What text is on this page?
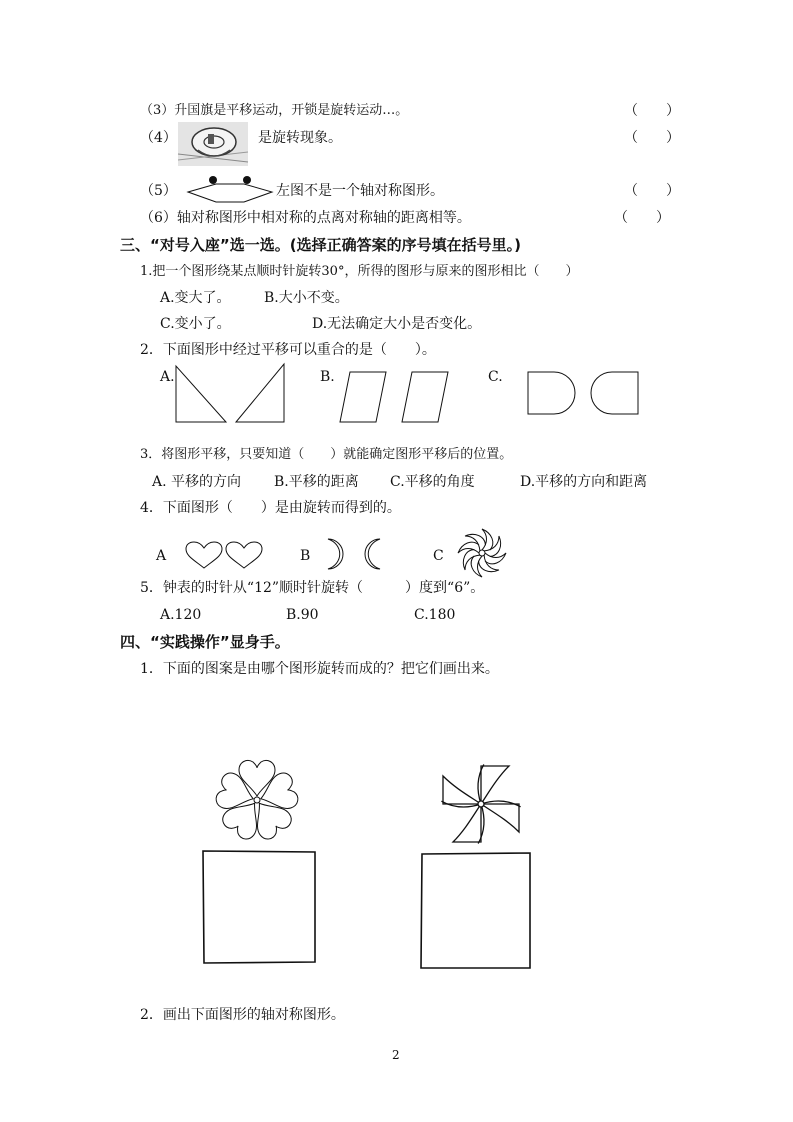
（3）升国旗是平移运动，开锁是旋转运动…。	（　　）
（4）	是旋转现象。	（　　）
（5）	左图不是一个轴对称图形。	（　　）
（6）轴对称图形中相对称的点离对称轴的距离相等。	（　　）
三、“对号入座”选一选。(选择正确答案的序号填在括号里。)
1.把一个图形绕某点顺时针旋转30°，所得的图形与原来的图形相比（　　）
A.变大了。 B.大小不变。
C.变小了。	D.无法确定大小是否变化。
2．下面图形中经过平移可以重合的是（　　）。
A.	B.	C.
3．将图形平移，只要知道（　　）就能确定图形平移后的位置。
A. 平移的方向 B.平移的距离 C.平移的角度	D.平移的方向和距离
4．下面图形（　　）是由旋转而得到的。
A	B	C
5．钟表的时针从“12”顺时针旋转（　　　）度到“6”。
A.120	B.90	C.180
四、“实践操作”显身手。
1．下面的图案是由哪个图形旋转而成的？把它们画出来。
2．画出下面图形的轴对称图形。
2
